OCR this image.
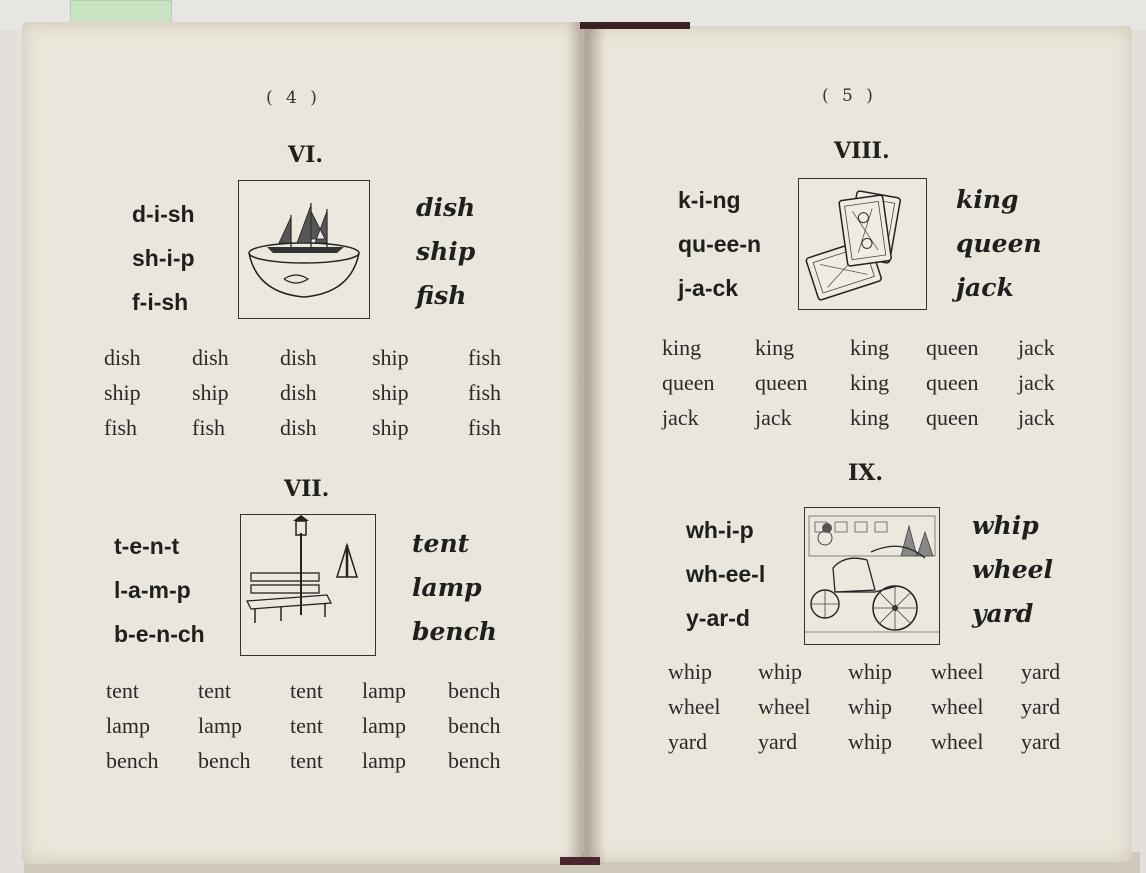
( 4 )
VI.
d-i-sh
sh-i-p
f-i-sh
dish
ship
fish
dish	dish	dish	ship	fish
ship	ship	dish	ship	fish
fish	fish	dish	ship	fish
VII.
t-e-n-t
l-a-m-p
b-e-n-ch
tent
lamp
bench
tent	tent	tent	lamp	bench
lamp	lamp	tent	lamp	bench
bench	bench	tent	lamp	bench
( 5 )
VIII.
k-i-ng
qu-ee-n
j-a-ck
king
queen
jack
king	king	king	queen	jack
queen	queen	king	queen	jack
jack	jack	king	queen	jack
IX.
wh-i-p
wh-ee-l
y-ar-d
whip
wheel
yard
whip	whip	whip	wheel	yard
wheel	wheel	whip	wheel	yard
yard	yard	whip	wheel	yard
